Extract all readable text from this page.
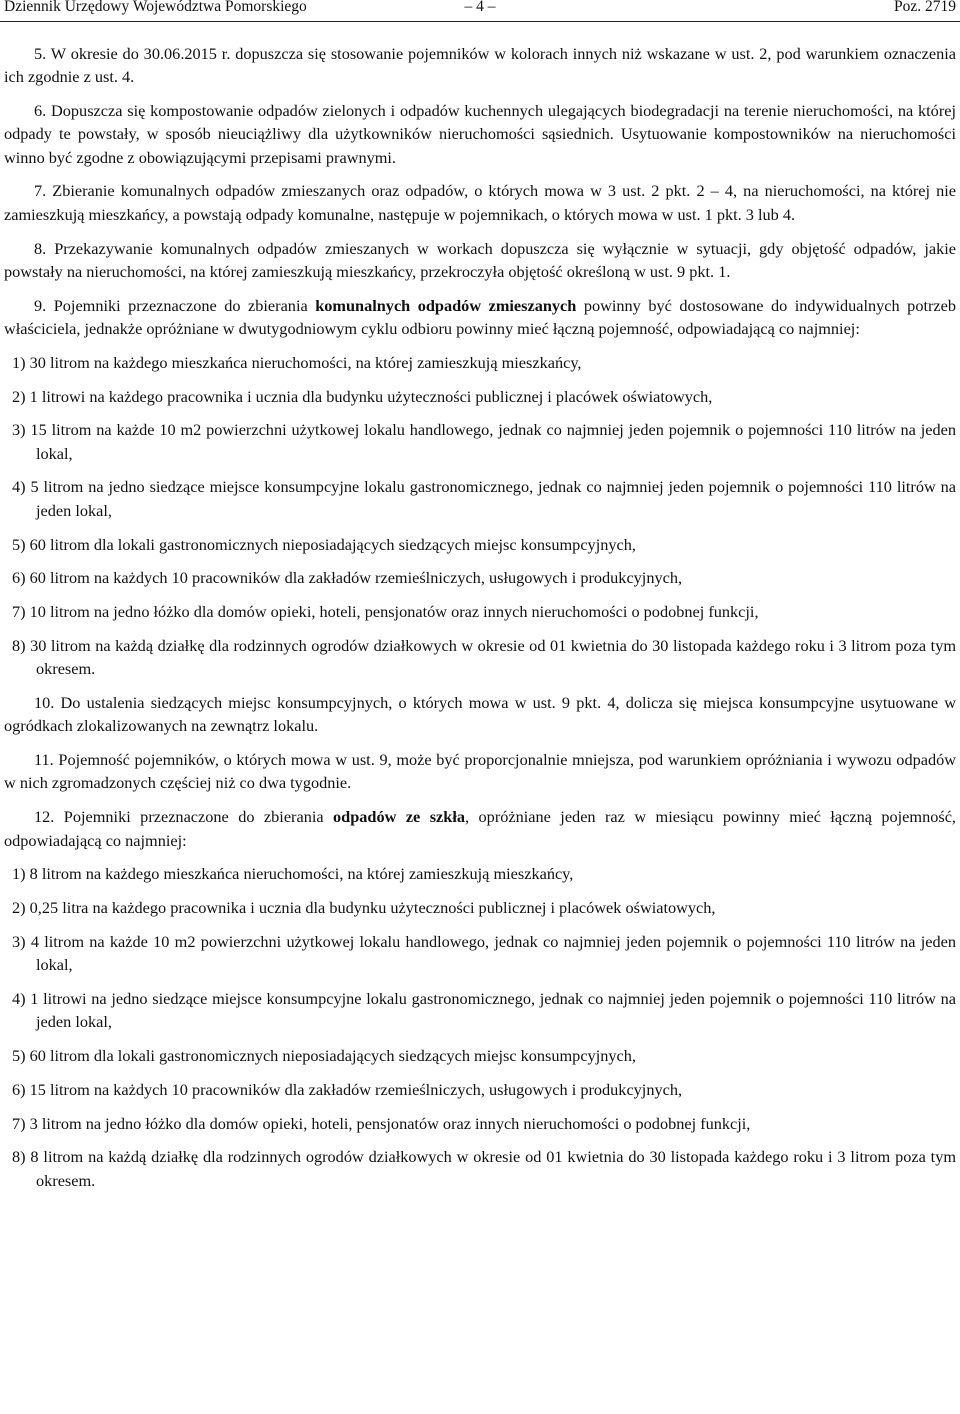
Dziennik Urzędowy Województwa Pomorskiego	– 4 –	Poz. 2719

5. W okresie do 30.06.2015 r. dopuszcza się stosowanie pojemników w kolorach innych niż wskazane w ust. 2, pod warunkiem oznaczenia ich zgodnie z ust. 4.

6. Dopuszcza się kompostowanie odpadów zielonych i odpadów kuchennych ulegających biodegradacji na terenie nieruchomości, na której odpady te powstały, w sposób nieuciążliwy dla użytkowników nieruchomości sąsiednich. Usytuowanie kompostowników na nieruchomości winno być zgodne z obowiązującymi przepisami prawnymi.

7. Zbieranie komunalnych odpadów zmieszanych oraz odpadów, o których mowa w 3 ust. 2 pkt. 2 – 4, na nieruchomości, na której nie zamieszkują mieszkańcy, a powstają odpady komunalne, następuje w pojemnikach, o których mowa w ust. 1 pkt. 3 lub 4.

8. Przekazywanie komunalnych odpadów zmieszanych w workach dopuszcza się wyłącznie w sytuacji, gdy objętość odpadów, jakie powstały na nieruchomości, na której zamieszkują mieszkańcy, przekroczyła objętość określoną w ust. 9 pkt. 1.

9. Pojemniki przeznaczone do zbierania komunalnych odpadów zmieszanych powinny być dostosowane do indywidualnych potrzeb właściciela, jednakże opróżniane w dwutygodniowym cyklu odbioru powinny mieć łączną pojemność, odpowiadającą co najmniej:

1) 30 litrom na każdego mieszkańca nieruchomości, na której zamieszkują mieszkańcy,

2) 1 litrowi na każdego pracownika i ucznia dla budynku użyteczności publicznej i placówek oświatowych,

3) 15 litrom na każde 10 m2 powierzchni użytkowej lokalu handlowego, jednak co najmniej jeden pojemnik o pojemności 110 litrów na jeden lokal,

4) 5 litrom na jedno siedzące miejsce konsumpcyjne lokalu gastronomicznego, jednak co najmniej jeden pojemnik o pojemności 110 litrów na jeden lokal,

5) 60 litrom dla lokali gastronomicznych nieposiadających siedzących miejsc konsumpcyjnych,

6) 60 litrom na każdych 10 pracowników dla zakładów rzemieślniczych, usługowych i produkcyjnych,

7) 10 litrom na jedno łóżko dla domów opieki, hoteli, pensjonatów oraz innych nieruchomości o podobnej funkcji,

8) 30 litrom na każdą działkę dla rodzinnych ogrodów działkowych w okresie od 01 kwietnia do 30 listopada każdego roku i 3 litrom poza tym okresem.

10. Do ustalenia siedzących miejsc konsumpcyjnych, o których mowa w ust. 9 pkt. 4, dolicza się miejsca konsumpcyjne usytuowane w ogródkach zlokalizowanych na zewnątrz lokalu.

11. Pojemność pojemników, o których mowa w ust. 9, może być proporcjonalnie mniejsza, pod warunkiem opróżniania i wywozu odpadów w nich zgromadzonych częściej niż co dwa tygodnie.

12. Pojemniki przeznaczone do zbierania odpadów ze szkła, opróżniane jeden raz w miesiącu powinny mieć łączną pojemność, odpowiadającą co najmniej:

1) 8 litrom na każdego mieszkańca nieruchomości, na której zamieszkują mieszkańcy,

2) 0,25 litra na każdego pracownika i ucznia dla budynku użyteczności publicznej i placówek oświatowych,

3) 4 litrom na każde 10 m2 powierzchni użytkowej lokalu handlowego, jednak co najmniej jeden pojemnik o pojemności 110 litrów na jeden lokal,

4) 1 litrowi na jedno siedzące miejsce konsumpcyjne lokalu gastronomicznego, jednak co najmniej jeden pojemnik o pojemności 110 litrów na jeden lokal,

5) 60 litrom dla lokali gastronomicznych nieposiadających siedzących miejsc konsumpcyjnych,

6) 15 litrom na każdych 10 pracowników dla zakładów rzemieślniczych, usługowych i produkcyjnych,

7) 3 litrom na jedno łóżko dla domów opieki, hoteli, pensjonatów oraz innych nieruchomości o podobnej funkcji,

8) 8 litrom na każdą działkę dla rodzinnych ogrodów działkowych w okresie od 01 kwietnia do 30 listopada każdego roku i 3 litrom poza tym okresem.
